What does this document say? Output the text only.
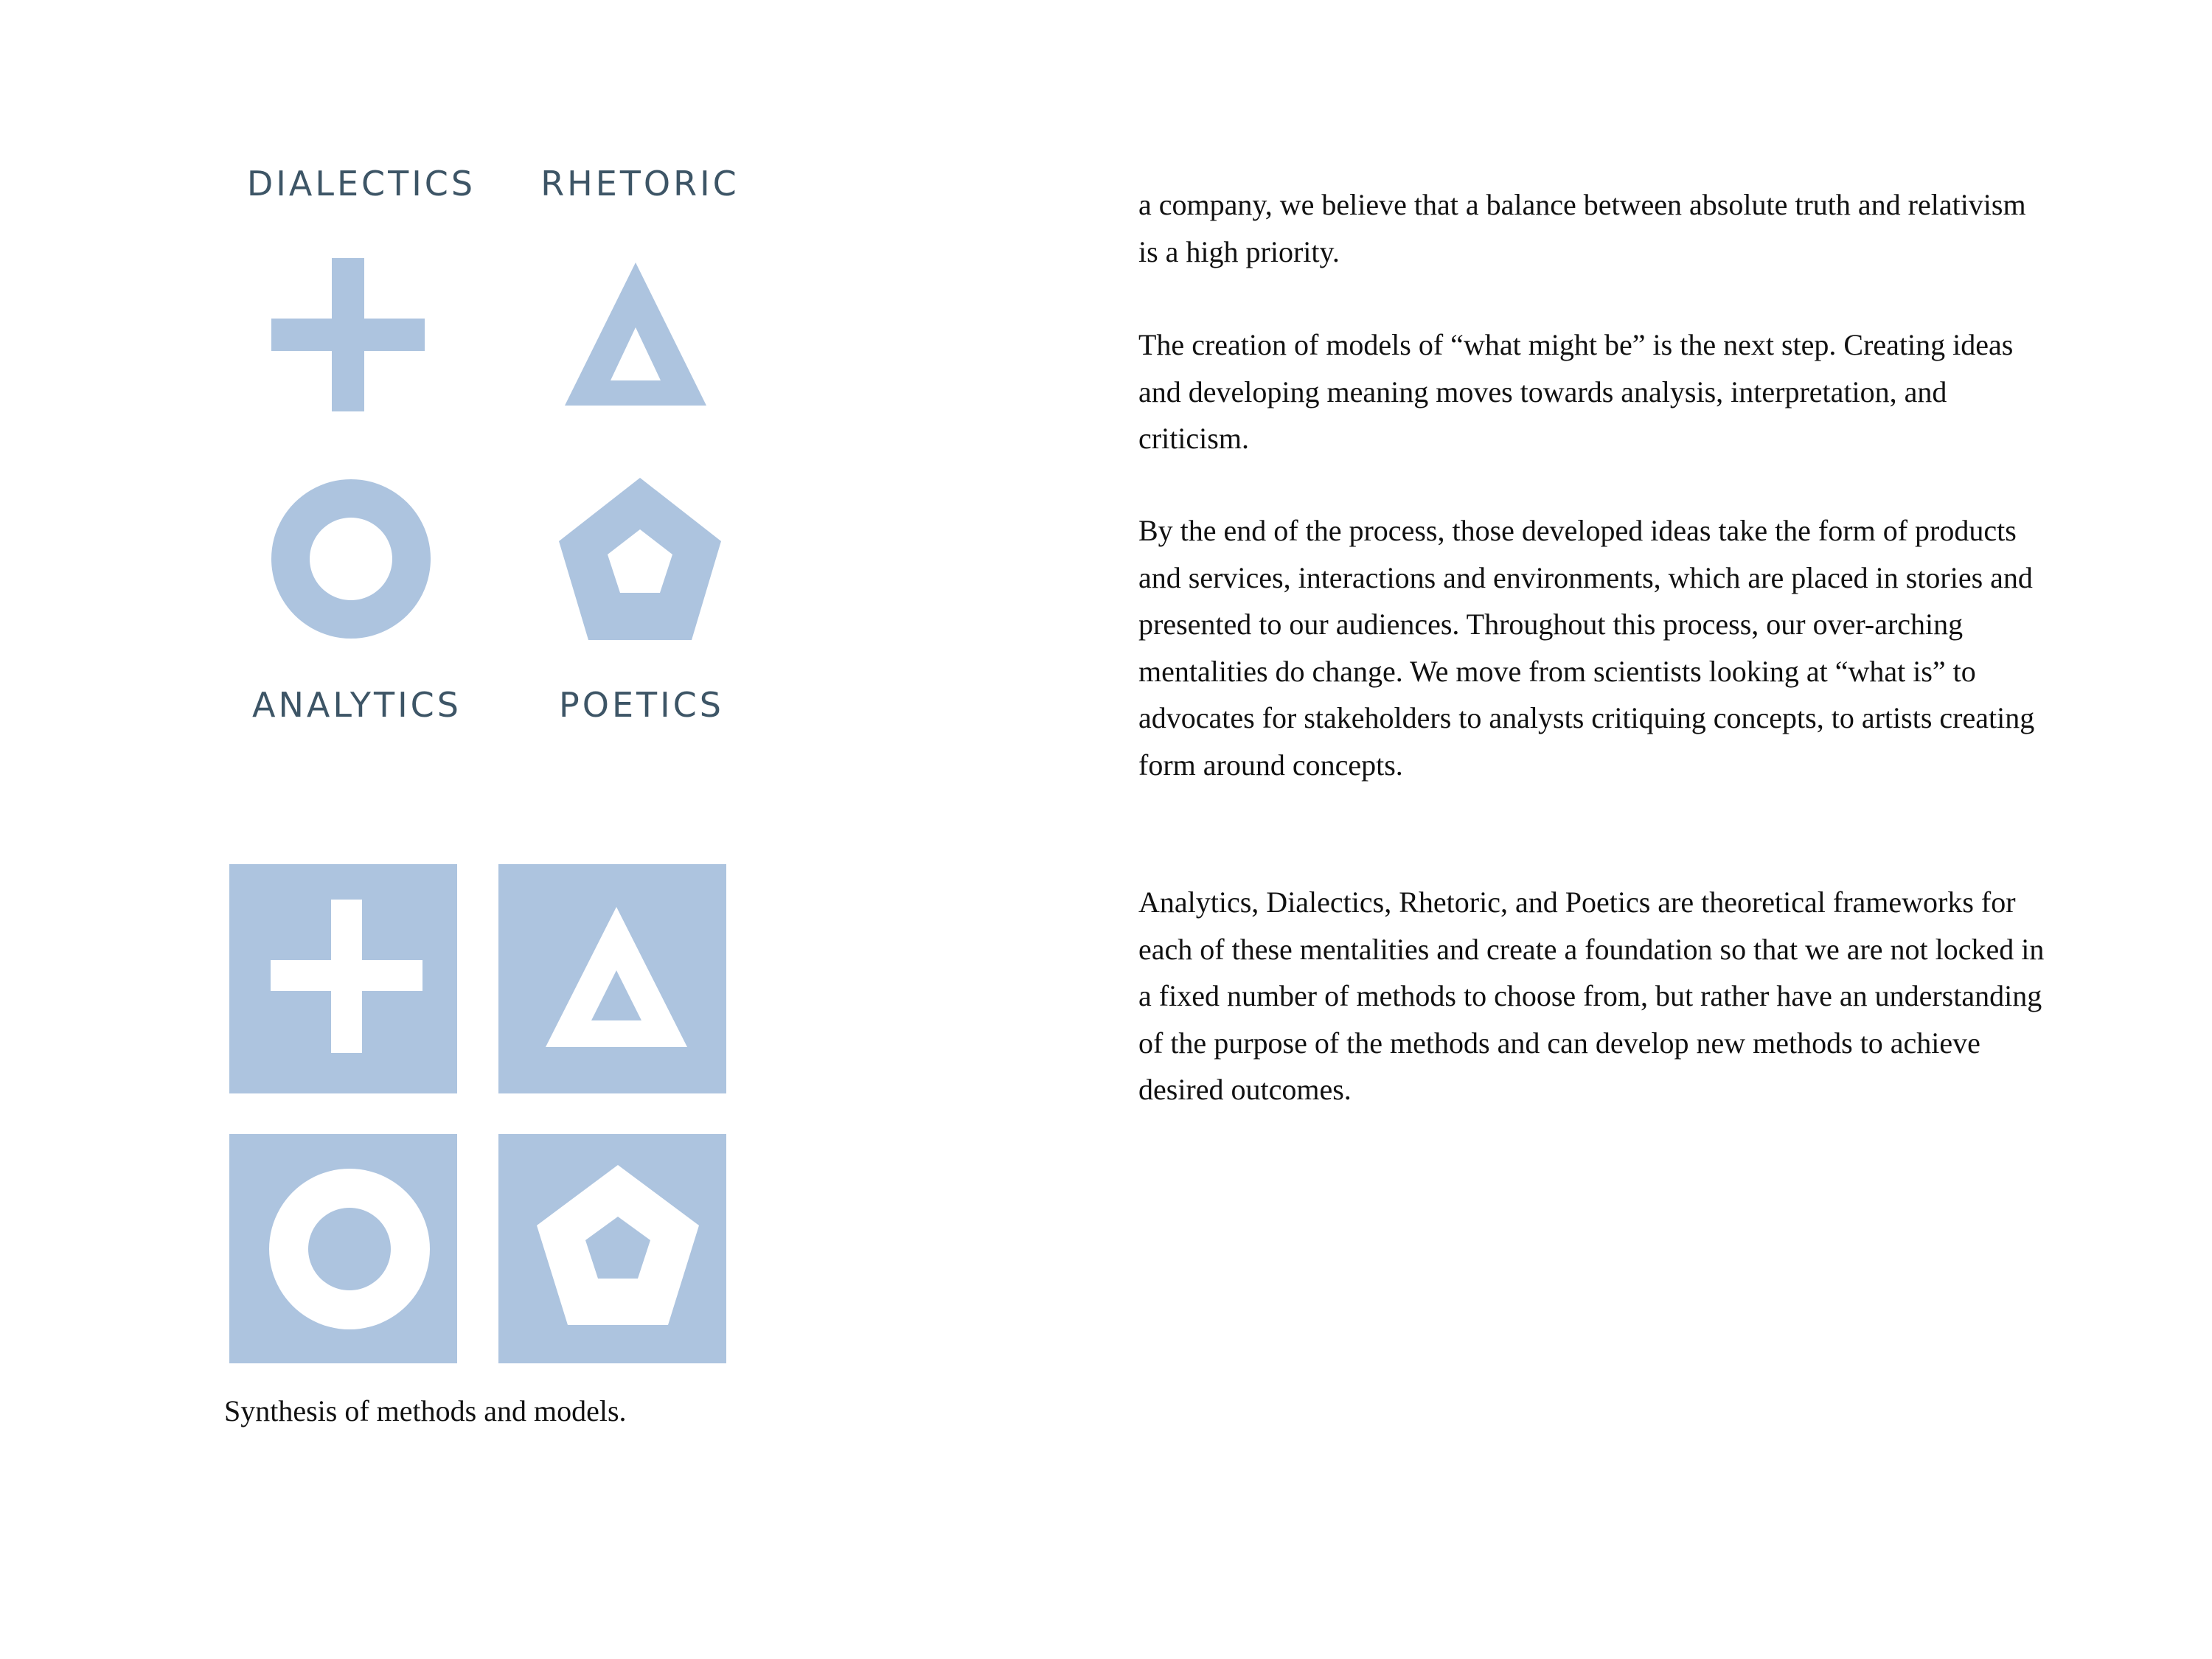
DIALECTICS RHETORIC
ANALYTICS	POETICS
Synthesis of methods and models.

a company, we believe that a balance between absolute truth and relativism is a high priority.

The creation of models of “what might be” is the next step. Creating ideas and developing meaning moves towards analysis, interpretation, and criticism.

By the end of the process, those developed ideas take the form of products and services, interactions and environments, which are placed in stories and presented to our audiences. Throughout this process, our over-arching mentalities do change. We move from scientists looking at “what is” to advocates for stakeholders to analysts critiquing concepts, to artists creating form around concepts.

Analytics, Dialectics, Rhetoric, and Poetics are theoretical frameworks for each of these mentalities and create a foundation so that we are not locked in a fixed number of methods to choose from, but rather have an understanding of the purpose of the methods and can develop new methods to achieve desired outcomes.
